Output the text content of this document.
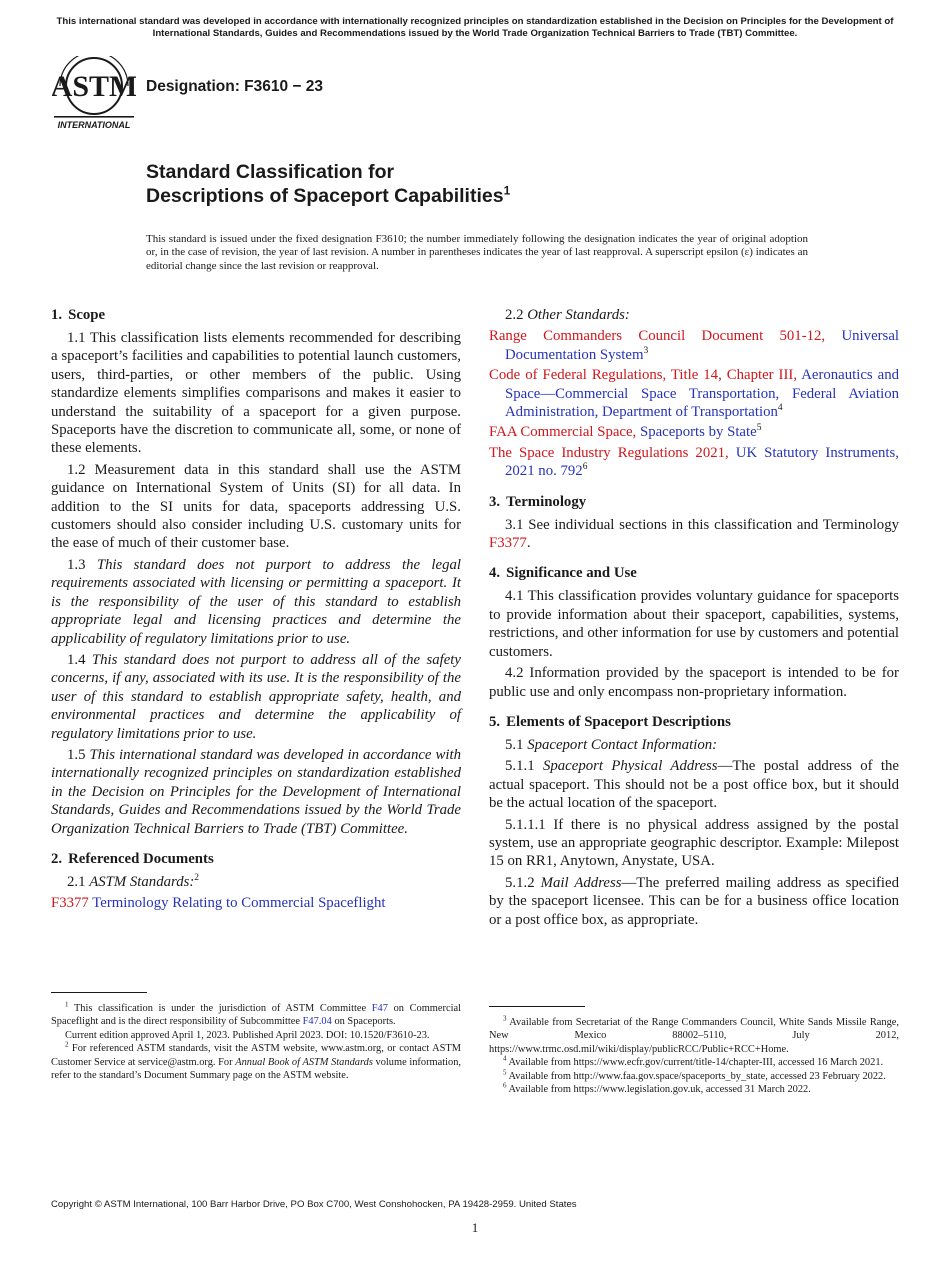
This international standard was developed in accordance with internationally recognized principles on standardization established in the Decision on Principles for the Development of International Standards, Guides and Recommendations issued by the World Trade Organization Technical Barriers to Trade (TBT) Committee.

ASTM
INTERNATIONAL

Designation: F3610 − 23

Standard Classification for
Descriptions of Spaceport Capabilities$^1$

This standard is issued under the fixed designation F3610; the number immediately following the designation indicates the year of original adoption or, in the case of revision, the year of last revision. A number in parentheses indicates the year of last reapproval. A superscript epsilon (ε) indicates an editorial change since the last revision or reapproval.

1. Scope

1.1 This classification lists elements recommended for describing a spaceport’s facilities and capabilities to potential launch customers, users, third-parties, or other members of the public. Using standardize elements simplifies comparisons and makes it easier to understand the suitability of a spaceport for a given purpose. Spaceports have the discretion to communicate all, some, or none of these elements.

1.2 Measurement data in this standard shall use the ASTM guidance on International System of Units (SI) for all data. In addition to the SI units for data, spaceports addressing U.S. customers should also consider including U.S. customary units for the ease of much of their customer base.

1.3 This standard does not purport to address the legal requirements associated with licensing or permitting a spaceport. It is the responsibility of the user of this standard to establish appropriate legal and licensing practices and determine the applicability of regulatory limitations prior to use.

1.4 This standard does not purport to address all of the safety concerns, if any, associated with its use. It is the responsibility of the user of this standard to establish appropriate safety, health, and environmental practices and determine the applicability of regulatory limitations prior to use.

1.5 This international standard was developed in accordance with internationally recognized principles on standardization established in the Decision on Principles for the Development of International Standards, Guides and Recommendations issued by the World Trade Organization Technical Barriers to Trade (TBT) Committee.

2. Referenced Documents

2.1 ASTM Standards:$^2$

F3377 Terminology Relating to Commercial Spaceflight

2.2 Other Standards:

Range Commanders Council Document 501-12, Universal Documentation System$^3$

Code of Federal Regulations, Title 14, Chapter III, Aeronautics and Space—Commercial Space Transportation, Federal Aviation Administration, Department of Transportation$^4$

FAA Commercial Space, Spaceports by State$^5$

The Space Industry Regulations 2021, UK Statutory Instruments, 2021 no. $792^6$

3. Terminology

3.1 See individual sections in this classification and Terminology F3377.

4. Significance and Use

4.1 This classification provides voluntary guidance for spaceports to provide information about their spaceport, capabilities, systems, restrictions, and other information for use by customers and potential customers.

4.2 Information provided by the spaceport is intended to be for public use and only encompass non-proprietary information.

5. Elements of Spaceport Descriptions

5.1 Spaceport Contact Information:

5.1.1 Spaceport Physical Address—The postal address of the actual spaceport. This should not be a post office box, but it should be the actual location of the spaceport.

5.1.1.1 If there is no physical address assigned by the postal system, use an appropriate geographic descriptor. Example: Milepost 15 on RR1, Anytown, Anystate, USA.

5.1.2 Mail Address—The preferred mailing address as specified by the spaceport licensee. This can be for a business office location or a post office box, as appropriate.

$^1$ This classification is under the jurisdiction of ASTM Committee F47 on Commercial Spaceflight and is the direct responsibility of Subcommittee F47.04 on Spaceports.

Current edition approved April 1, 2023. Published April 2023. DOI: 10.1520/F3610-23.

$^2$ For referenced ASTM standards, visit the ASTM website, www.astm.org, or contact ASTM Customer Service at service@astm.org. For Annual Book of ASTM Standards volume information, refer to the standard’s Document Summary page on the ASTM website.

$^3$ Available from Secretariat of the Range Commanders Council, White Sands Missile Range, New Mexico 88002–5110, July 2012, https://www.trmc.osd.mil/wiki/display/publicRCC/Public+RCC+Home.

$^4$ Available from https://www.ecfr.gov/current/title-14/chapter-III, accessed 16 March 2021.

$^5$ Available from http://www.faa.gov.space/spaceports_by_state, accessed 23 February 2022.

$^6$ Available from https://www.legislation.gov.uk, accessed 31 March 2022.

Copyright © ASTM International, 100 Barr Harbor Drive, PO Box C700, West Conshohocken, PA 19428-2959. United States

1
